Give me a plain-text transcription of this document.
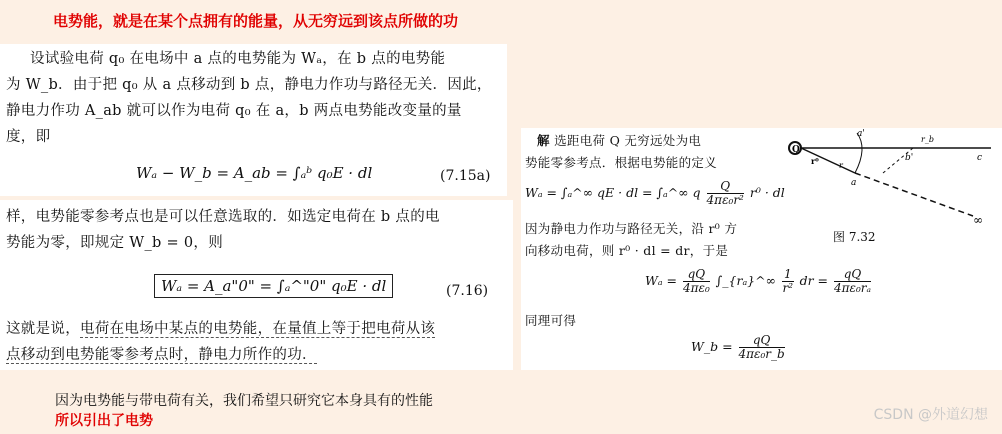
电势能，就是在某个点拥有的能量，从无穷远到该点所做的功
设试验电荷 q₀ 在电场中 a 点的电势能为 Wₐ，在 b 点的电势能
为 W_b．由于把 q₀ 从 a 点移动到 b 点，静电力作功与路径无关．因此，
静电力作功 A_ab 就可以作为电荷 q₀ 在 a，b 两点电势能改变量的量
度，即
Wₐ − W_b = A_ab = ∫ₐᵇ q₀E · dl	(7.15a)
样，电势能零参考点也是可以任意选取的．如选定电荷在 b 点的电
势能为零，即规定 W_b = 0，则
Wₐ = A_a"0" = ∫ₐ^"0" q₀E · dl	(7.16)
这就是说，电荷在电场中某点的电势能，在量值上等于把电荷从该
点移动到电势能零参考点时，静电力所作的功．
解 选距电荷 Q 无穷远处为电
势能零参考点．根据电势能的定义
Wₐ = ∫ₐ^∞ qE · dl = ∫ₐ^∞ q $\frac{Q}{\text{4πε₀r²}} r^0$ · dl
因为静电力作功与路径无关，沿 r⁰ 方
向移动电荷，则 r⁰ · dl = dr，于是
$W_a = \frac{qQ}{\text{4πε₀}}$ ∫_{rₐ}^∞ $\frac{1}{\text{r²}}$ dr = $\frac{qQ}{\text{4πε₀rₐ}}$
同理可得
W_b = $\frac{qQ}{\text{4πε₀r\_b}}$
Q
a'
b'	c
a
r⁰	r
r_b
∞
图 7.32
因为电势能与带电荷有关，我们希望只研究它本身具有的性能
所以引出了电势	CSDN @外道幻想
